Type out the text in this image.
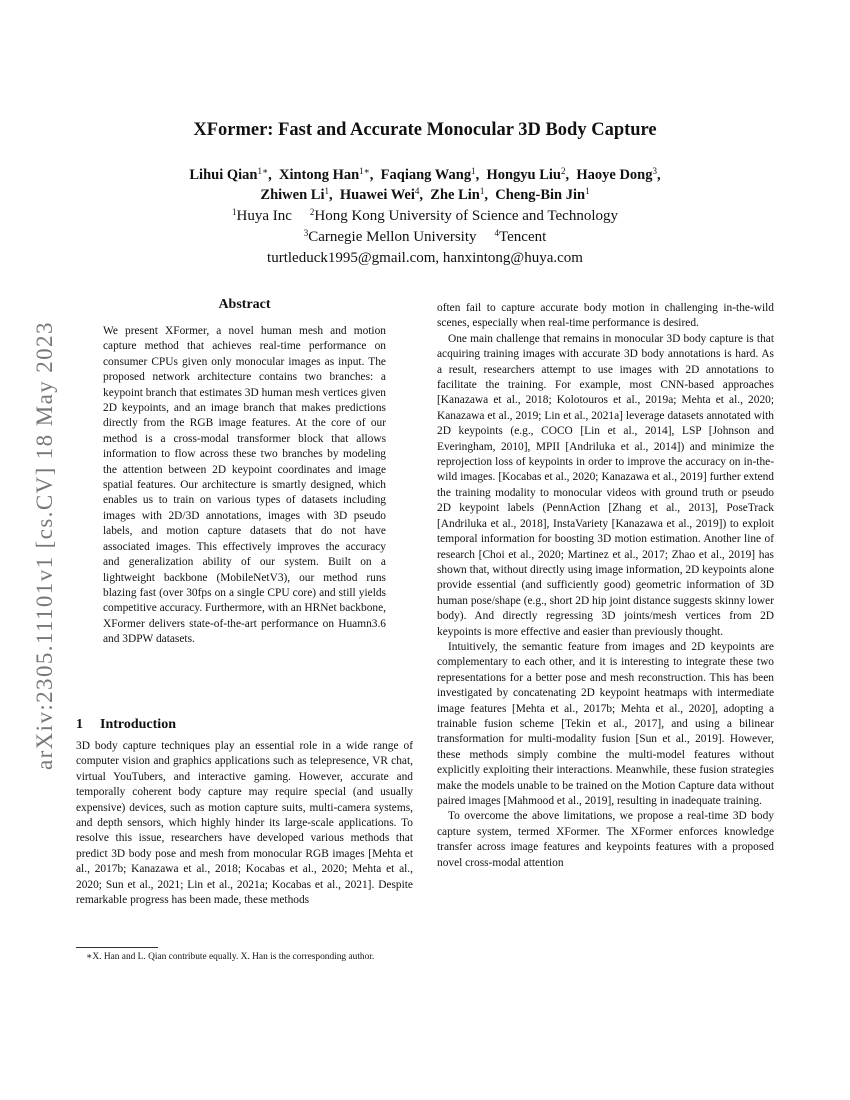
arXiv:2305.11101v1 [cs.CV] 18 May 2023
XFormer: Fast and Accurate Monocular 3D Body Capture
Lihui Qian$^{1∗}$,  Xintong Han$^{1∗}$,  Faqiang Wang$^1$,  Hongyu Liu$^2$,  Haoye Dong$^3$,
Zhiwen Li$^1$,  Huawei Wei$^4$,  Zhe Lin$^1$,  Cheng-Bin Jin$^1$
$^1$Huya Inc $^2$Hong Kong University of Science and Technology
$^3$Carnegie Mellon University $^4$Tencent
turtleduck1995@gmail.com, hanxintong@huya.com
Abstract
We present XFormer, a novel human mesh and motion capture method that achieves real-time performance on consumer CPUs given only monocular images as input. The proposed network architecture contains two branches: a keypoint branch that estimates 3D human mesh vertices given 2D keypoints, and an image branch that makes predictions directly from the RGB image features. At the core of our method is a cross-modal transformer block that allows information to flow across these two branches by modeling the attention between 2D keypoint coordinates and image spatial features. Our architecture is smartly designed, which enables us to train on various types of datasets including images with 2D/3D annotations, images with 3D pseudo labels, and motion capture datasets that do not have associated images. This effectively improves the accuracy and generalization ability of our system. Built on a lightweight backbone (MobileNetV3), our method runs blazing fast (over 30fps on a single CPU core) and still yields competitive accuracy. Furthermore, with an HRNet backbone, XFormer delivers state-of-the-art performance on Huamn3.6 and 3DPW datasets.
1 Introduction
3D body capture techniques play an essential role in a wide range of computer vision and graphics applications such as telepresence, VR chat, virtual YouTubers, and interactive gaming. However, accurate and temporally coherent body capture may require special (and usually expensive) devices, such as motion capture suits, multi-camera systems, and depth sensors, which highly hinder its large-scale applications. To resolve this issue, researchers have developed various methods that predict 3D body pose and mesh from monocular RGB images [Mehta et al., 2017b; Kanazawa et al., 2018; Kocabas et al., 2020; Mehta et al., 2020; Sun et al., 2021; Lin et al., 2021a; Kocabas et al., 2021]. Despite remarkable progress has been made, these methods
∗X. Han and L. Qian contribute equally. X. Han is the corresponding author.

often fail to capture accurate body motion in challenging in-the-wild scenes, especially when real-time performance is desired.

One main challenge that remains in monocular 3D body capture is that acquiring training images with accurate 3D body annotations is hard. As a result, researchers attempt to use images with 2D annotations to facilitate the training. For example, most CNN-based approaches [Kanazawa et al., 2018; Kolotouros et al., 2019a; Mehta et al., 2020; Kanazawa et al., 2019; Lin et al., 2021a] leverage datasets annotated with 2D keypoints (e.g., COCO [Lin et al., 2014], LSP [Johnson and Everingham, 2010], MPII [Andriluka et al., 2014]) and minimize the reprojection loss of keypoints in order to improve the accuracy on in-the-wild images. [Kocabas et al., 2020; Kanazawa et al., 2019] further extend the training modality to monocular videos with ground truth or pseudo 2D keypoint labels (PennAction [Zhang et al., 2013], PoseTrack [Andriluka et al., 2018], InstaVariety [Kanazawa et al., 2019]) to exploit temporal information for boosting 3D motion estimation. Another line of research [Choi et al., 2020; Martinez et al., 2017; Zhao et al., 2019] has shown that, without directly using image information, 2D keypoints alone provide essential (and sufficiently good) geometric information of 3D human pose/shape (e.g., short 2D hip joint distance suggests skinny lower body). And directly regressing 3D joints/mesh vertices from 2D keypoints is more effective and easier than previously thought.

Intuitively, the semantic feature from images and 2D keypoints are complementary to each other, and it is interesting to integrate these two representations for a better pose and mesh reconstruction. This has been investigated by concatenating 2D keypoint heatmaps with intermediate image features [Mehta et al., 2017b; Mehta et al., 2020], adopting a trainable fusion scheme [Tekin et al., 2017], and using a bilinear transformation for multi-modality fusion [Sun et al., 2019]. However, these methods simply combine the multi-model features without explicitly exploiting their interactions. Meanwhile, these fusion strategies make the models unable to be trained on the Motion Capture data without paired images [Mahmood et al., 2019], resulting in inadequate training.

To overcome the above limitations, we propose a real-time 3D body capture system, termed XFormer. The XFormer enforces knowledge transfer across image features and keypoints features with a proposed novel cross-modal attention
